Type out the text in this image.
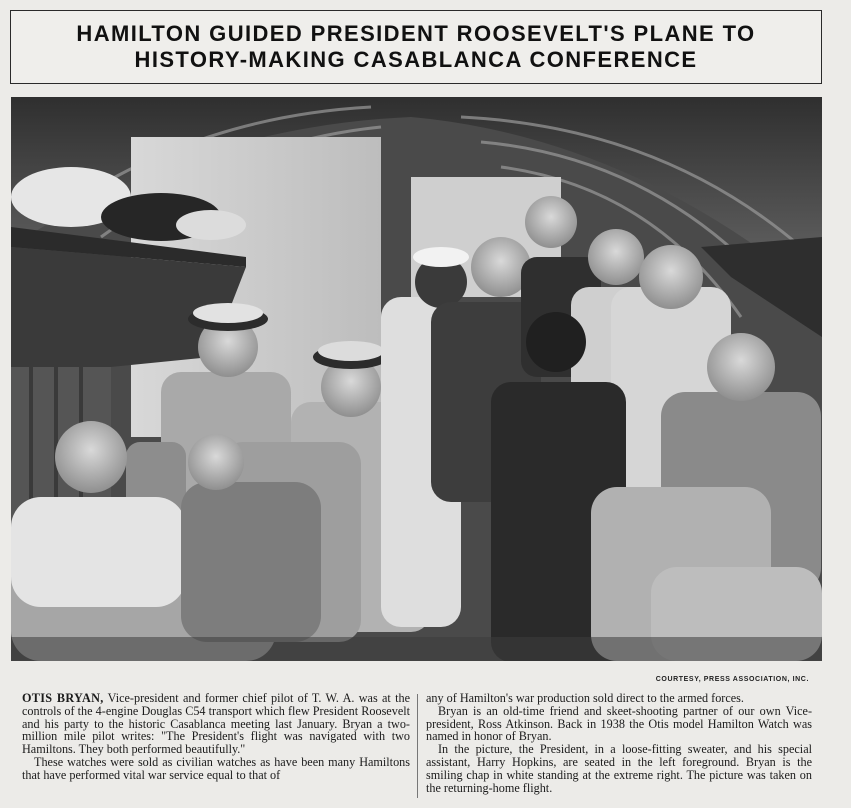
HAMILTON GUIDED PRESIDENT ROOSEVELT'S PLANE TO
HISTORY-MAKING CASABLANCA CONFERENCE
COURTESY, PRESS ASSOCIATION, INC.

OTIS BRYAN, Vice-president and former chief pilot of T. W. A. was at the controls of the 4-engine Douglas C54 transport which flew President Roosevelt and his party to the historic Casablanca meeting last January. Bryan a two-million mile pilot writes: "The President's flight was navigated with two Hamiltons. They both performed beautifully."

These watches were sold as civilian watches as have been many Hamiltons that have performed vital war service equal to that of

any of Hamilton's war production sold direct to the armed forces.

Bryan is an old-time friend and skeet-shooting partner of our own Vice-president, Ross Atkinson. Back in 1938 the Otis model Hamilton Watch was named in honor of Bryan.

In the picture, the President, in a loose-fitting sweater, and his special assistant, Harry Hopkins, are seated in the left foreground. Bryan is the smiling chap in white standing at the extreme right. The picture was taken on the returning-home flight.
